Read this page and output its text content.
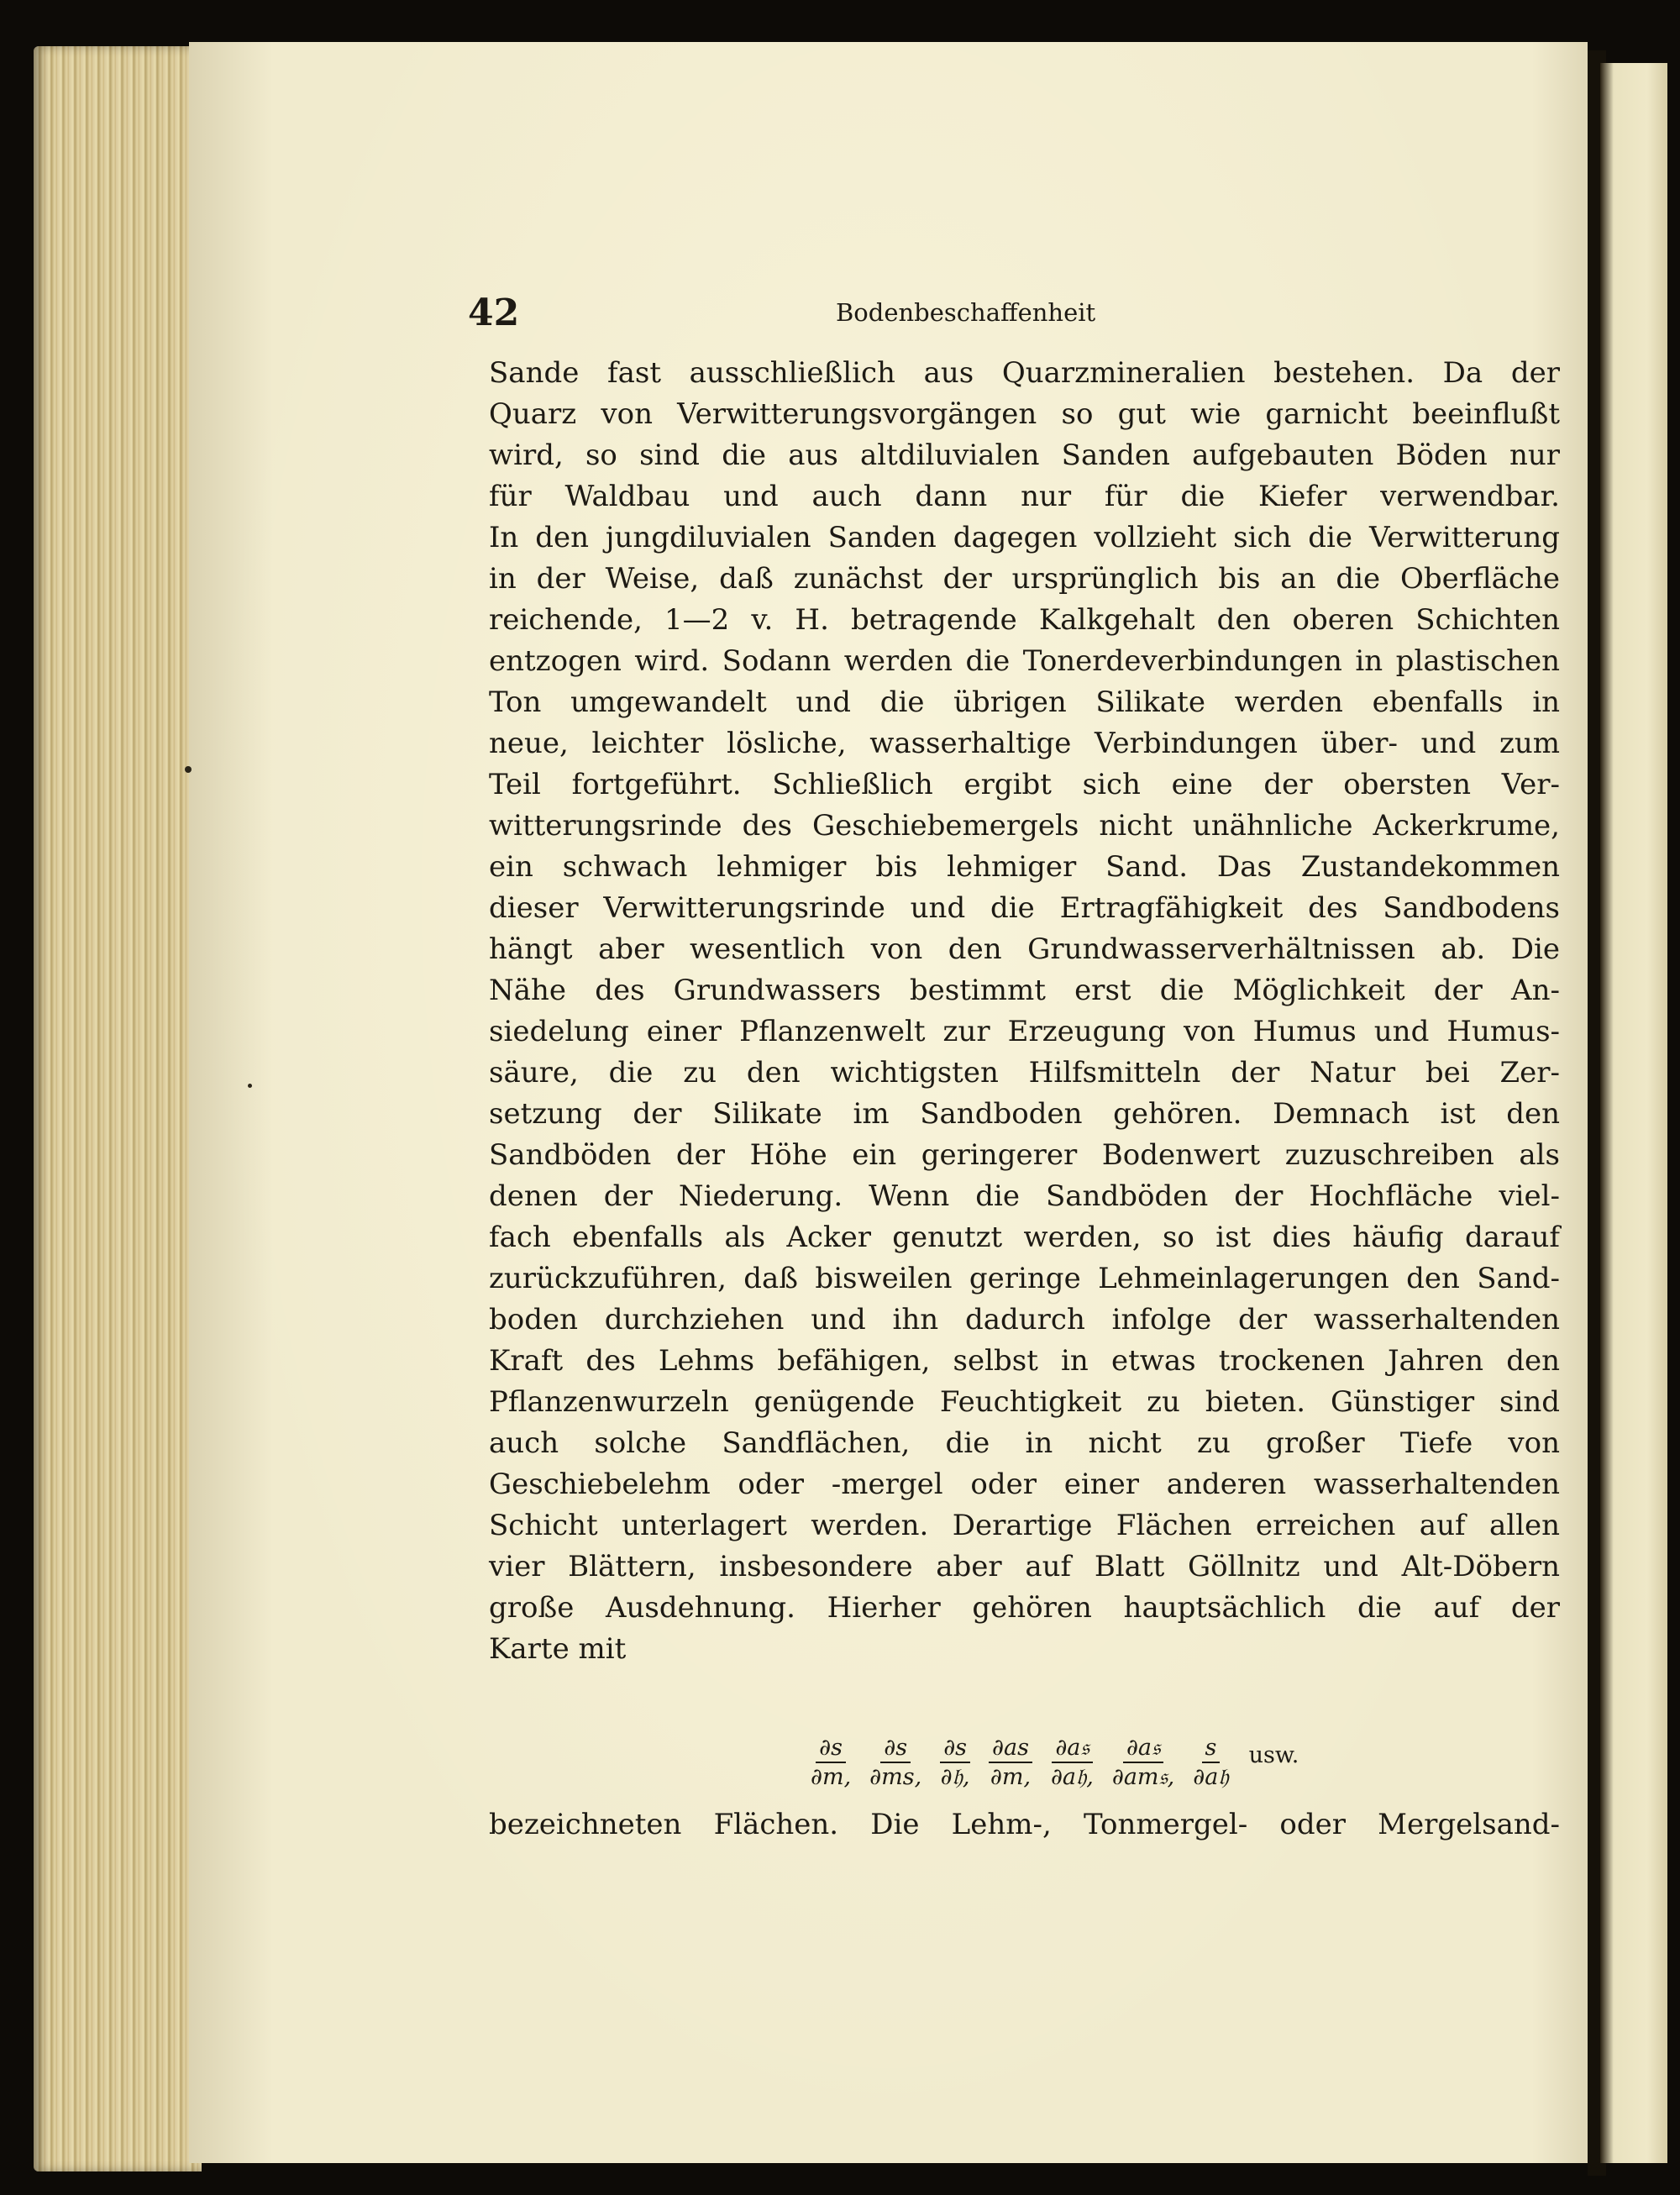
42	Bodenbeschaffenheit
Sande fast ausschließlich aus Quarzmineralien bestehen. Da der
Quarz von Verwitterungsvorgängen so gut wie garnicht beeinflußt
wird, so sind die aus altdiluvialen Sanden aufgebauten Böden nur
für Waldbau und auch dann nur für die Kiefer verwendbar.
In den jungdiluvialen Sanden dagegen vollzieht sich die Verwitterung
in der Weise, daß zunächst der ursprünglich bis an die Oberfläche
reichende, 1—2 v. H. betragende Kalkgehalt den oberen Schichten
entzogen wird. Sodann werden die Tonerdeverbindungen in plastischen
Ton umgewandelt und die übrigen Silikate werden ebenfalls in
neue, leichter lösliche, wasserhaltige Verbindungen über- und zum
Teil fortgeführt. Schließlich ergibt sich eine der obersten Ver-
witterungsrinde des Geschiebemergels nicht unähnliche Ackerkrume,
ein schwach lehmiger bis lehmiger Sand. Das Zustandekommen
dieser Verwitterungsrinde und die Ertragfähigkeit des Sandbodens
hängt aber wesentlich von den Grundwasserverhältnissen ab. Die
Nähe des Grundwassers bestimmt erst die Möglichkeit der An-
siedelung einer Pflanzenwelt zur Erzeugung von Humus und Humus-
säure, die zu den wichtigsten Hilfsmitteln der Natur bei Zer-
setzung der Silikate im Sandboden gehören. Demnach ist den
Sandböden der Höhe ein geringerer Bodenwert zuzuschreiben als
denen der Niederung. Wenn die Sandböden der Hochfläche viel-
fach ebenfalls als Acker genutzt werden, so ist dies häufig darauf
zurückzuführen, daß bisweilen geringe Lehmeinlagerungen den Sand-
boden durchziehen und ihn dadurch infolge der wasserhaltenden
Kraft des Lehms befähigen, selbst in etwas trockenen Jahren den
Pflanzenwurzeln genügende Feuchtigkeit zu bieten. Günstiger sind
auch solche Sandflächen, die in nicht zu großer Tiefe von
Geschiebelehm oder -mergel oder einer anderen wasserhaltenden
Schicht unterlagert werden. Derartige Flächen erreichen auf allen
vier Blättern, insbesondere aber auf Blatt Göllnitz und Alt-Döbern
große Ausdehnung. Hierher gehören hauptsächlich die auf der
Karte mit
$\frac{\partial s}{\partial m,} \frac{\partial s}{\partial ms,} \frac{\partial s}{\text{∂𝔥,}} \frac{\partial as}{\partial m,} \frac{\text{∂a𝔰}}{\text{∂a𝔥,}} \frac{\text{∂a𝔰}}{\text{∂am𝔰,}} \frac{s}{\text{∂a𝔥}}$ usw.
bezeichneten Flächen. Die Lehm-, Tonmergel- oder Mergelsand-
